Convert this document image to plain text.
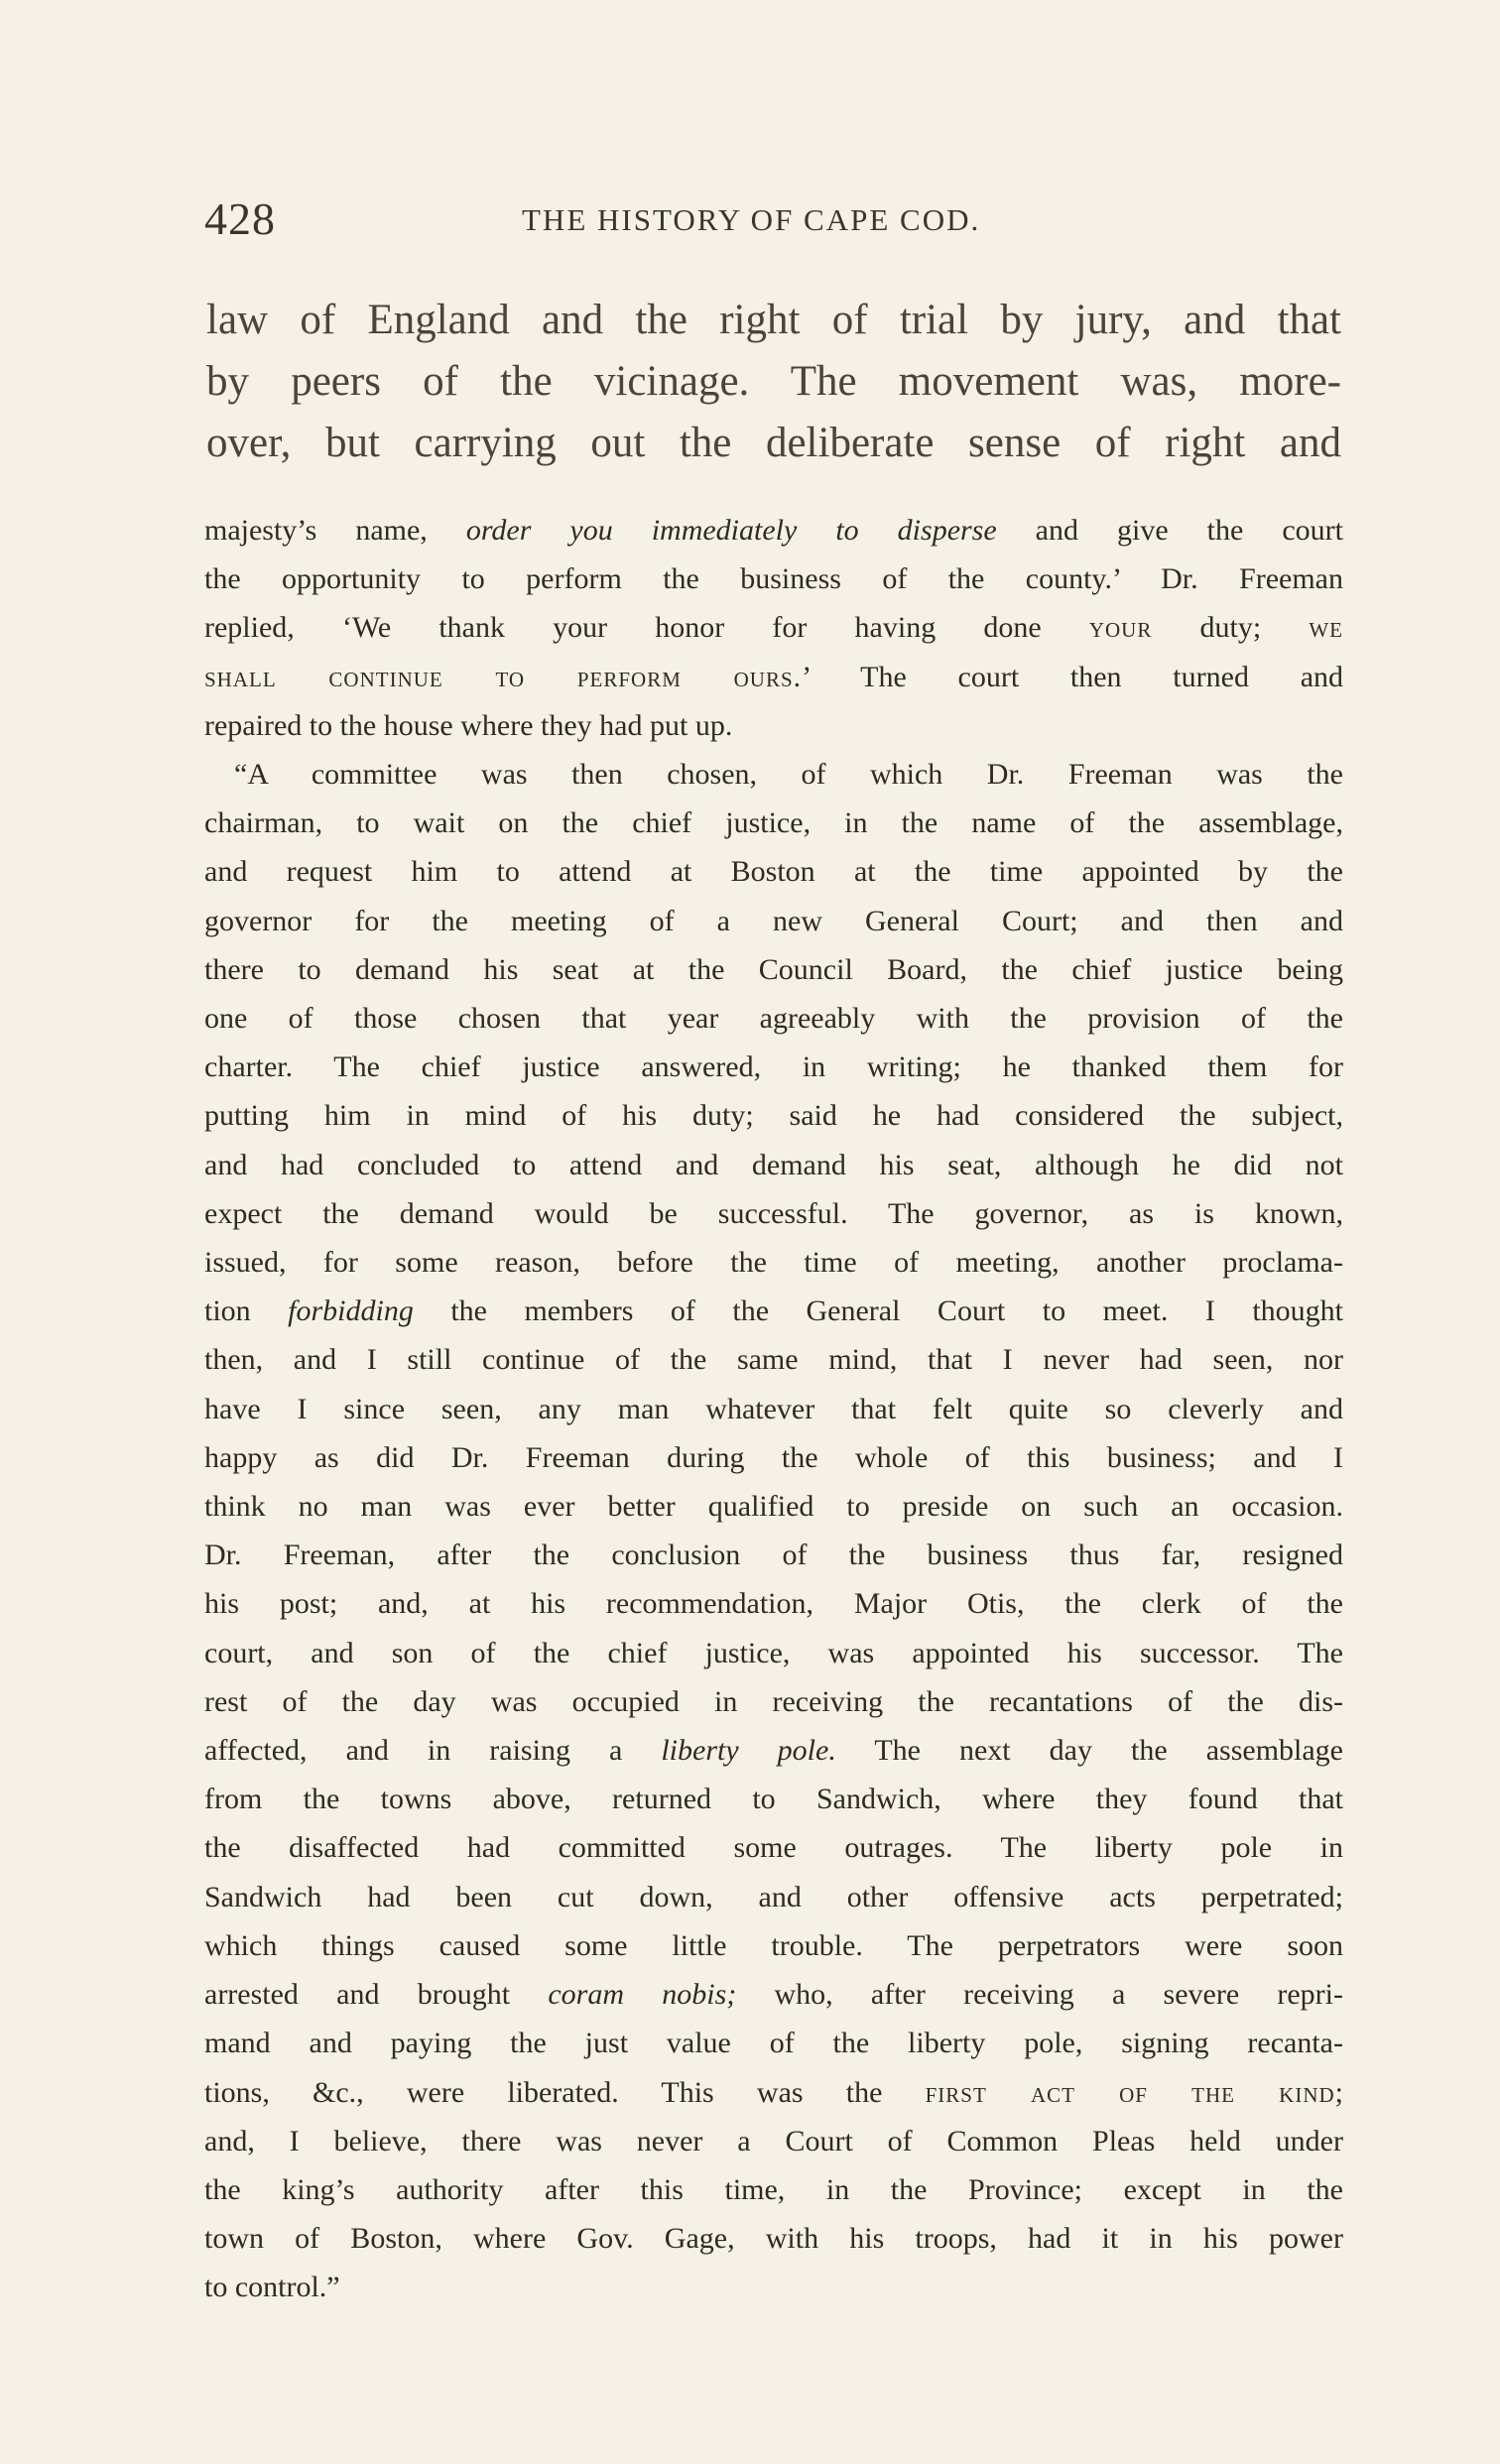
428	THE HISTORY OF CAPE COD.
law of England and the right of trial by jury, and that
by peers of the vicinage. The movement was, more-
over, but carrying out the deliberate sense of right and
majesty’s name, order you immediately to disperse and give the court
the opportunity to perform the business of the county.’ Dr. Freeman
replied, ‘We thank your honor for having done your duty; we
shall continue to perform ours.’ The court then turned and
repaired to the house where they had put up.
“A committee was then chosen, of which Dr. Freeman was the
chairman, to wait on the chief justice, in the name of the assemblage,
and request him to attend at Boston at the time appointed by the
governor for the meeting of a new General Court; and then and
there to demand his seat at the Council Board, the chief justice being
one of those chosen that year agreeably with the provision of the
charter. The chief justice answered, in writing; he thanked them for
putting him in mind of his duty; said he had considered the subject,
and had concluded to attend and demand his seat, although he did not
expect the demand would be successful. The governor, as is known,
issued, for some reason, before the time of meeting, another proclama-
tion forbidding the members of the General Court to meet. I thought
then, and I still continue of the same mind, that I never had seen, nor
have I since seen, any man whatever that felt quite so cleverly and
happy as did Dr. Freeman during the whole of this business; and I
think no man was ever better qualified to preside on such an occasion.
Dr. Freeman, after the conclusion of the business thus far, resigned
his post; and, at his recommendation, Major Otis, the clerk of the
court, and son of the chief justice, was appointed his successor. The
rest of the day was occupied in receiving the recantations of the dis-
affected, and in raising a liberty pole. The next day the assemblage
from the towns above, returned to Sandwich, where they found that
the disaffected had committed some outrages. The liberty pole in
Sandwich had been cut down, and other offensive acts perpetrated;
which things caused some little trouble. The perpetrators were soon
arrested and brought coram nobis; who, after receiving a severe repri-
mand and paying the just value of the liberty pole, signing recanta-
tions, &c., were liberated. This was the first act of the kind;
and, I believe, there was never a Court of Common Pleas held under
the king’s authority after this time, in the Province; except in the
town of Boston, where Gov. Gage, with his troops, had it in his power
to control.”
